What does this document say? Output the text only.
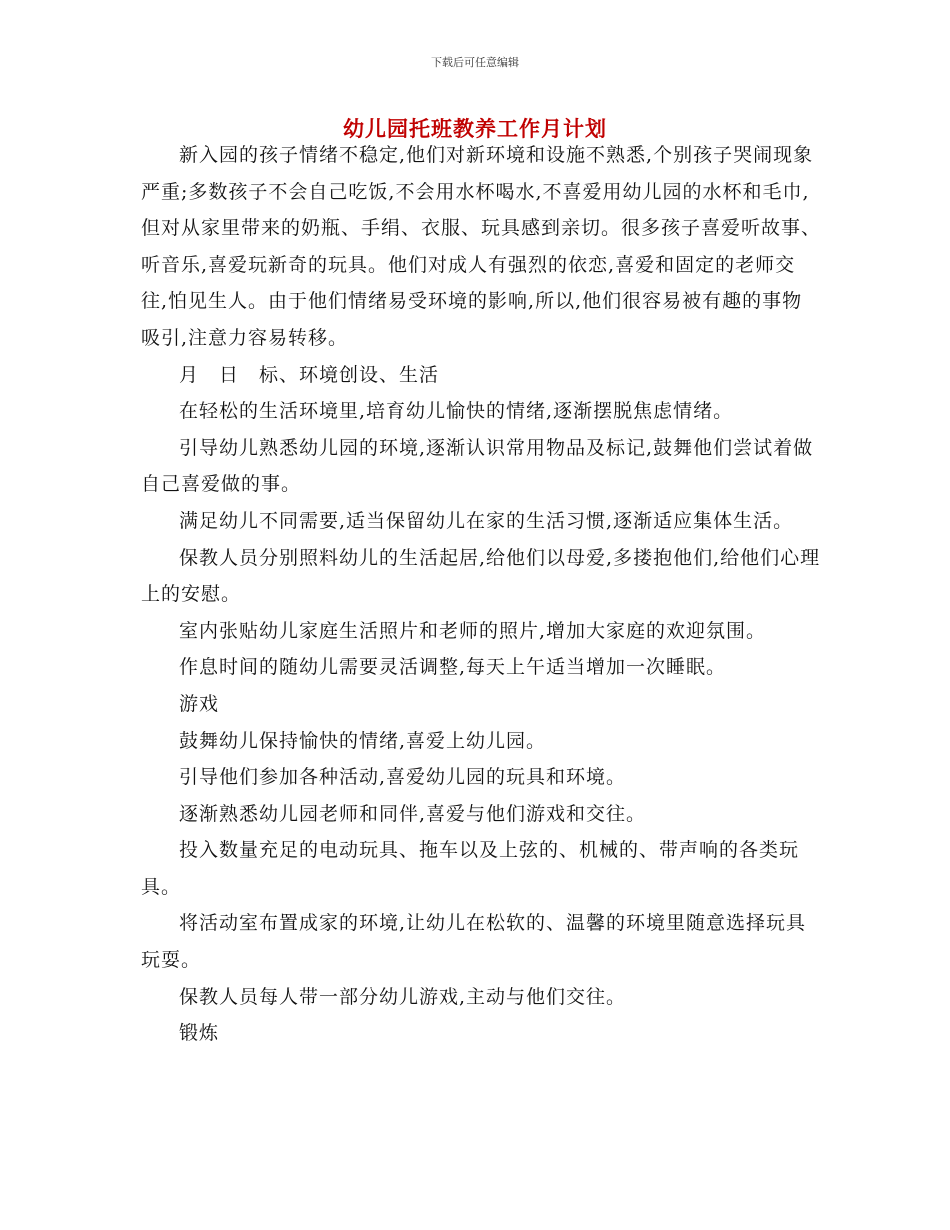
下载后可任意编辑
幼儿园托班教养工作月计划

新入园的孩子情绪不稳定,他们对新环境和设施不熟悉,个别孩子哭闹现象严重;多数孩子不会自己吃饭,不会用水杯喝水,不喜爱用幼儿园的水杯和毛巾,但对从家里带来的奶瓶、手绢、衣服、玩具感到亲切。很多孩子喜爱听故事、听音乐,喜爱玩新奇的玩具。他们对成人有强烈的依恋,喜爱和固定的老师交往,怕见生人。由于他们情绪易受环境的影响,所以,他们很容易被有趣的事物吸引,注意力容易转移。

月　日　标、环境创设、生活

在轻松的生活环境里,培育幼儿愉快的情绪,逐渐摆脱焦虑情绪。

引导幼儿熟悉幼儿园的环境,逐渐认识常用物品及标记,鼓舞他们尝试着做自己喜爱做的事。

满足幼儿不同需要,适当保留幼儿在家的生活习惯,逐渐适应集体生活。

保教人员分别照料幼儿的生活起居,给他们以母爱,多搂抱他们,给他们心理上的安慰。

室内张贴幼儿家庭生活照片和老师的照片,增加大家庭的欢迎氛围。

作息时间的随幼儿需要灵活调整,每天上午适当增加一次睡眠。

游戏

鼓舞幼儿保持愉快的情绪,喜爱上幼儿园。

引导他们参加各种活动,喜爱幼儿园的玩具和环境。

逐渐熟悉幼儿园老师和同伴,喜爱与他们游戏和交往。

投入数量充足的电动玩具、拖车以及上弦的、机械的、带声响的各类玩具。

将活动室布置成家的环境,让幼儿在松软的、温馨的环境里随意选择玩具玩耍。

保教人员每人带一部分幼儿游戏,主动与他们交往。

锻炼
